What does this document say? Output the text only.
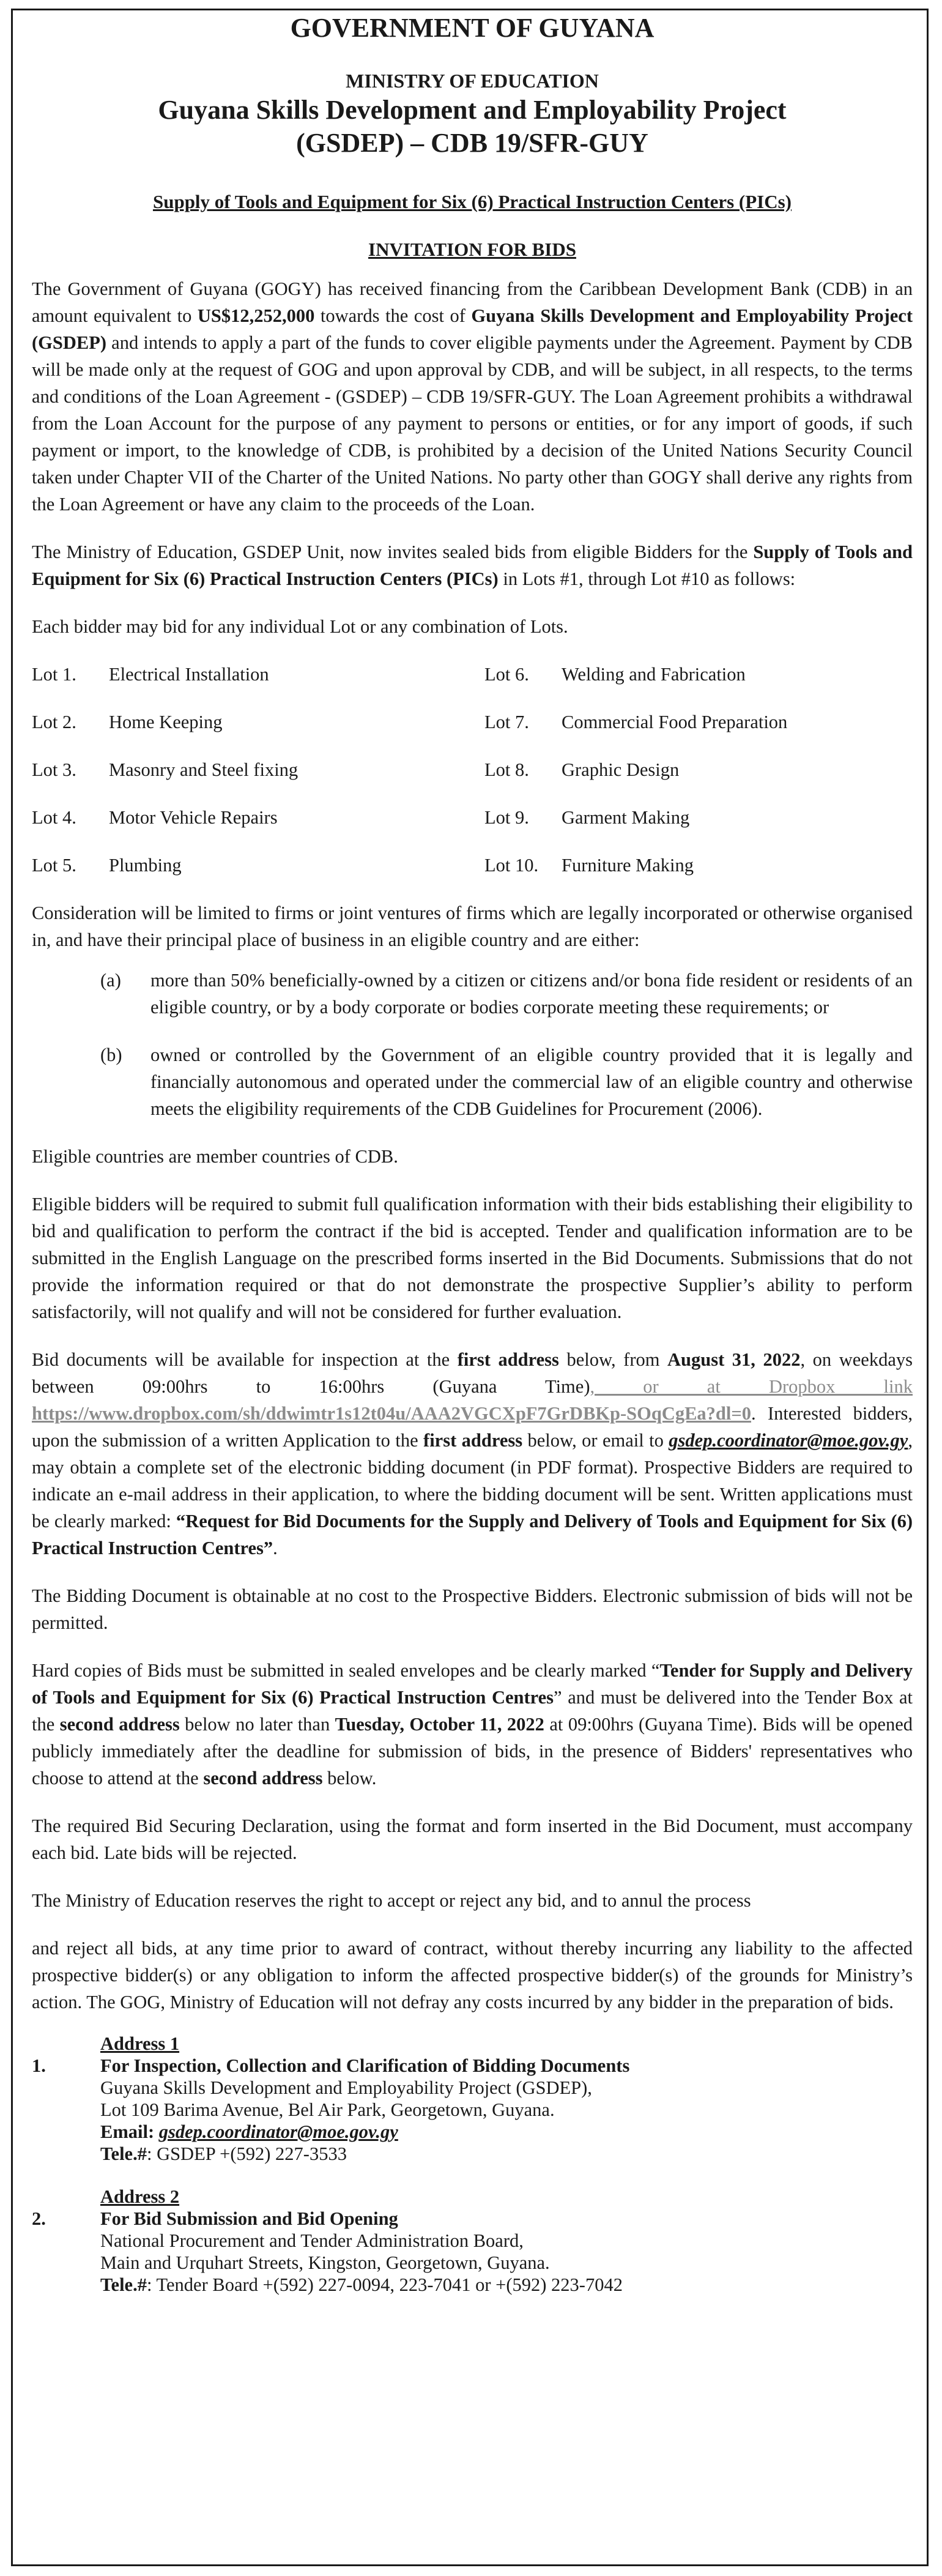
GOVERNMENT OF GUYANA
MINISTRY OF EDUCATION
Guyana Skills Development and Employability Project
(GSDEP) – CDB 19/SFR-GUY
Supply of Tools and Equipment for Six (6) Practical Instruction Centers (PICs)
INVITATION FOR BIDS

The Government of Guyana (GOGY) has received financing from the Caribbean Development Bank (CDB) in an amount equivalent to US$12,252,000 towards the cost of Guyana Skills Development and Employability Project (GSDEP) and intends to apply a part of the funds to cover eligible payments under the Agreement. Payment by CDB will be made only at the request of GOG and upon approval by CDB, and will be subject, in all respects, to the terms and conditions of the Loan Agreement - (GSDEP) – CDB 19/SFR-GUY. The Loan Agreement prohibits a withdrawal from the Loan Account for the purpose of any payment to persons or entities, or for any import of goods, if such payment or import, to the knowledge of CDB, is prohibited by a decision of the United Nations Security Council taken under Chapter VII of the Charter of the United Nations. No party other than GOGY shall derive any rights from the Loan Agreement or have any claim to the proceeds of the Loan.

The Ministry of Education, GSDEP Unit, now invites sealed bids from eligible Bidders for the Supply of Tools and Equipment for Six (6) Practical Instruction Centers (PICs) in Lots #1, through Lot #10 as follows:

Each bidder may bid for any individual Lot or any combination of Lots.

Lot 1.	Electrical Installation	Lot 6.	Welding and Fabrication
Lot 2.	Home Keeping	Lot 7.	Commercial Food Preparation
Lot 3.	Masonry and Steel fixing	Lot 8.	Graphic Design
Lot 4.	Motor Vehicle Repairs	Lot 9.	Garment Making
Lot 5.	Plumbing	Lot 10.	Furniture Making

Consideration will be limited to firms or joint ventures of firms which are legally incorporated or otherwise organised in, and have their principal place of business in an eligible country and are either:

(a)	more than 50% beneficially-owned by a citizen or citizens and/or bona fide resident or residents of an eligible country, or by a body corporate or bodies corporate meeting these requirements; or
(b)	owned or controlled by the Government of an eligible country provided that it is legally and financially autonomous and operated under the commercial law of an eligible country and otherwise meets the eligibility requirements of the CDB Guidelines for Procurement (2006).

Eligible countries are member countries of CDB.

Eligible bidders will be required to submit full qualification information with their bids establishing their eligibility to bid and qualification to perform the contract if the bid is accepted. Tender and qualification information are to be submitted in the English Language on the prescribed forms inserted in the Bid Documents. Submissions that do not provide the information required or that do not demonstrate the prospective Supplier’s ability to perform satisfactorily, will not qualify and will not be considered for further evaluation.

Bid documents will be available for inspection at the first address below, from August 31, 2022, on weekdays between 09:00hrs to 16:00hrs (Guyana Time), or at Dropbox link https://www.dropbox.com/sh/ddwimtr1s12t04u/AAA2VGCXpF7GrDBKp-SOqCgEa?dl=0. Interested bidders, upon the submission of a written Application to the first address below, or email to gsdep.coordinator@moe.gov.gy, may obtain a complete set of the electronic bidding document (in PDF format). Prospective Bidders are required to indicate an e-mail address in their application, to where the bidding document will be sent. Written applications must be clearly marked: “Request for Bid Documents for the Supply and Delivery of Tools and Equipment for Six (6) Practical Instruction Centres”.

The Bidding Document is obtainable at no cost to the Prospective Bidders. Electronic submission of bids will not be permitted.

Hard copies of Bids must be submitted in sealed envelopes and be clearly marked “Tender for Supply and Delivery of Tools and Equipment for Six (6) Practical Instruction Centres” and must be delivered into the Tender Box at the second address below no later than Tuesday, October 11, 2022 at 09:00hrs (Guyana Time). Bids will be opened publicly immediately after the deadline for submission of bids, in the presence of Bidders' representatives who choose to attend at the second address below.

The required Bid Securing Declaration, using the format and form inserted in the Bid Document, must accompany each bid. Late bids will be rejected.

The Ministry of Education reserves the right to accept or reject any bid, and to annul the process

and reject all bids, at any time prior to award of contract, without thereby incurring any liability to the affected prospective bidder(s) or any obligation to inform the affected prospective bidder(s) of the grounds for Ministry’s action. The GOG, Ministry of Education will not defray any costs incurred by any bidder in the preparation of bids.

Address 1
1.	For Inspection, Collection and Clarification of Bidding Documents
Guyana Skills Development and Employability Project (GSDEP),
Lot 109 Barima Avenue, Bel Air Park, Georgetown, Guyana.
Email: gsdep.coordinator@moe.gov.gy
Tele.#: GSDEP +(592) 227-3533
Address 2
2.	For Bid Submission and Bid Opening
National Procurement and Tender Administration Board,
Main and Urquhart Streets, Kingston, Georgetown, Guyana.
Tele.#: Tender Board +(592) 227-0094, 223-7041 or +(592) 223-7042
